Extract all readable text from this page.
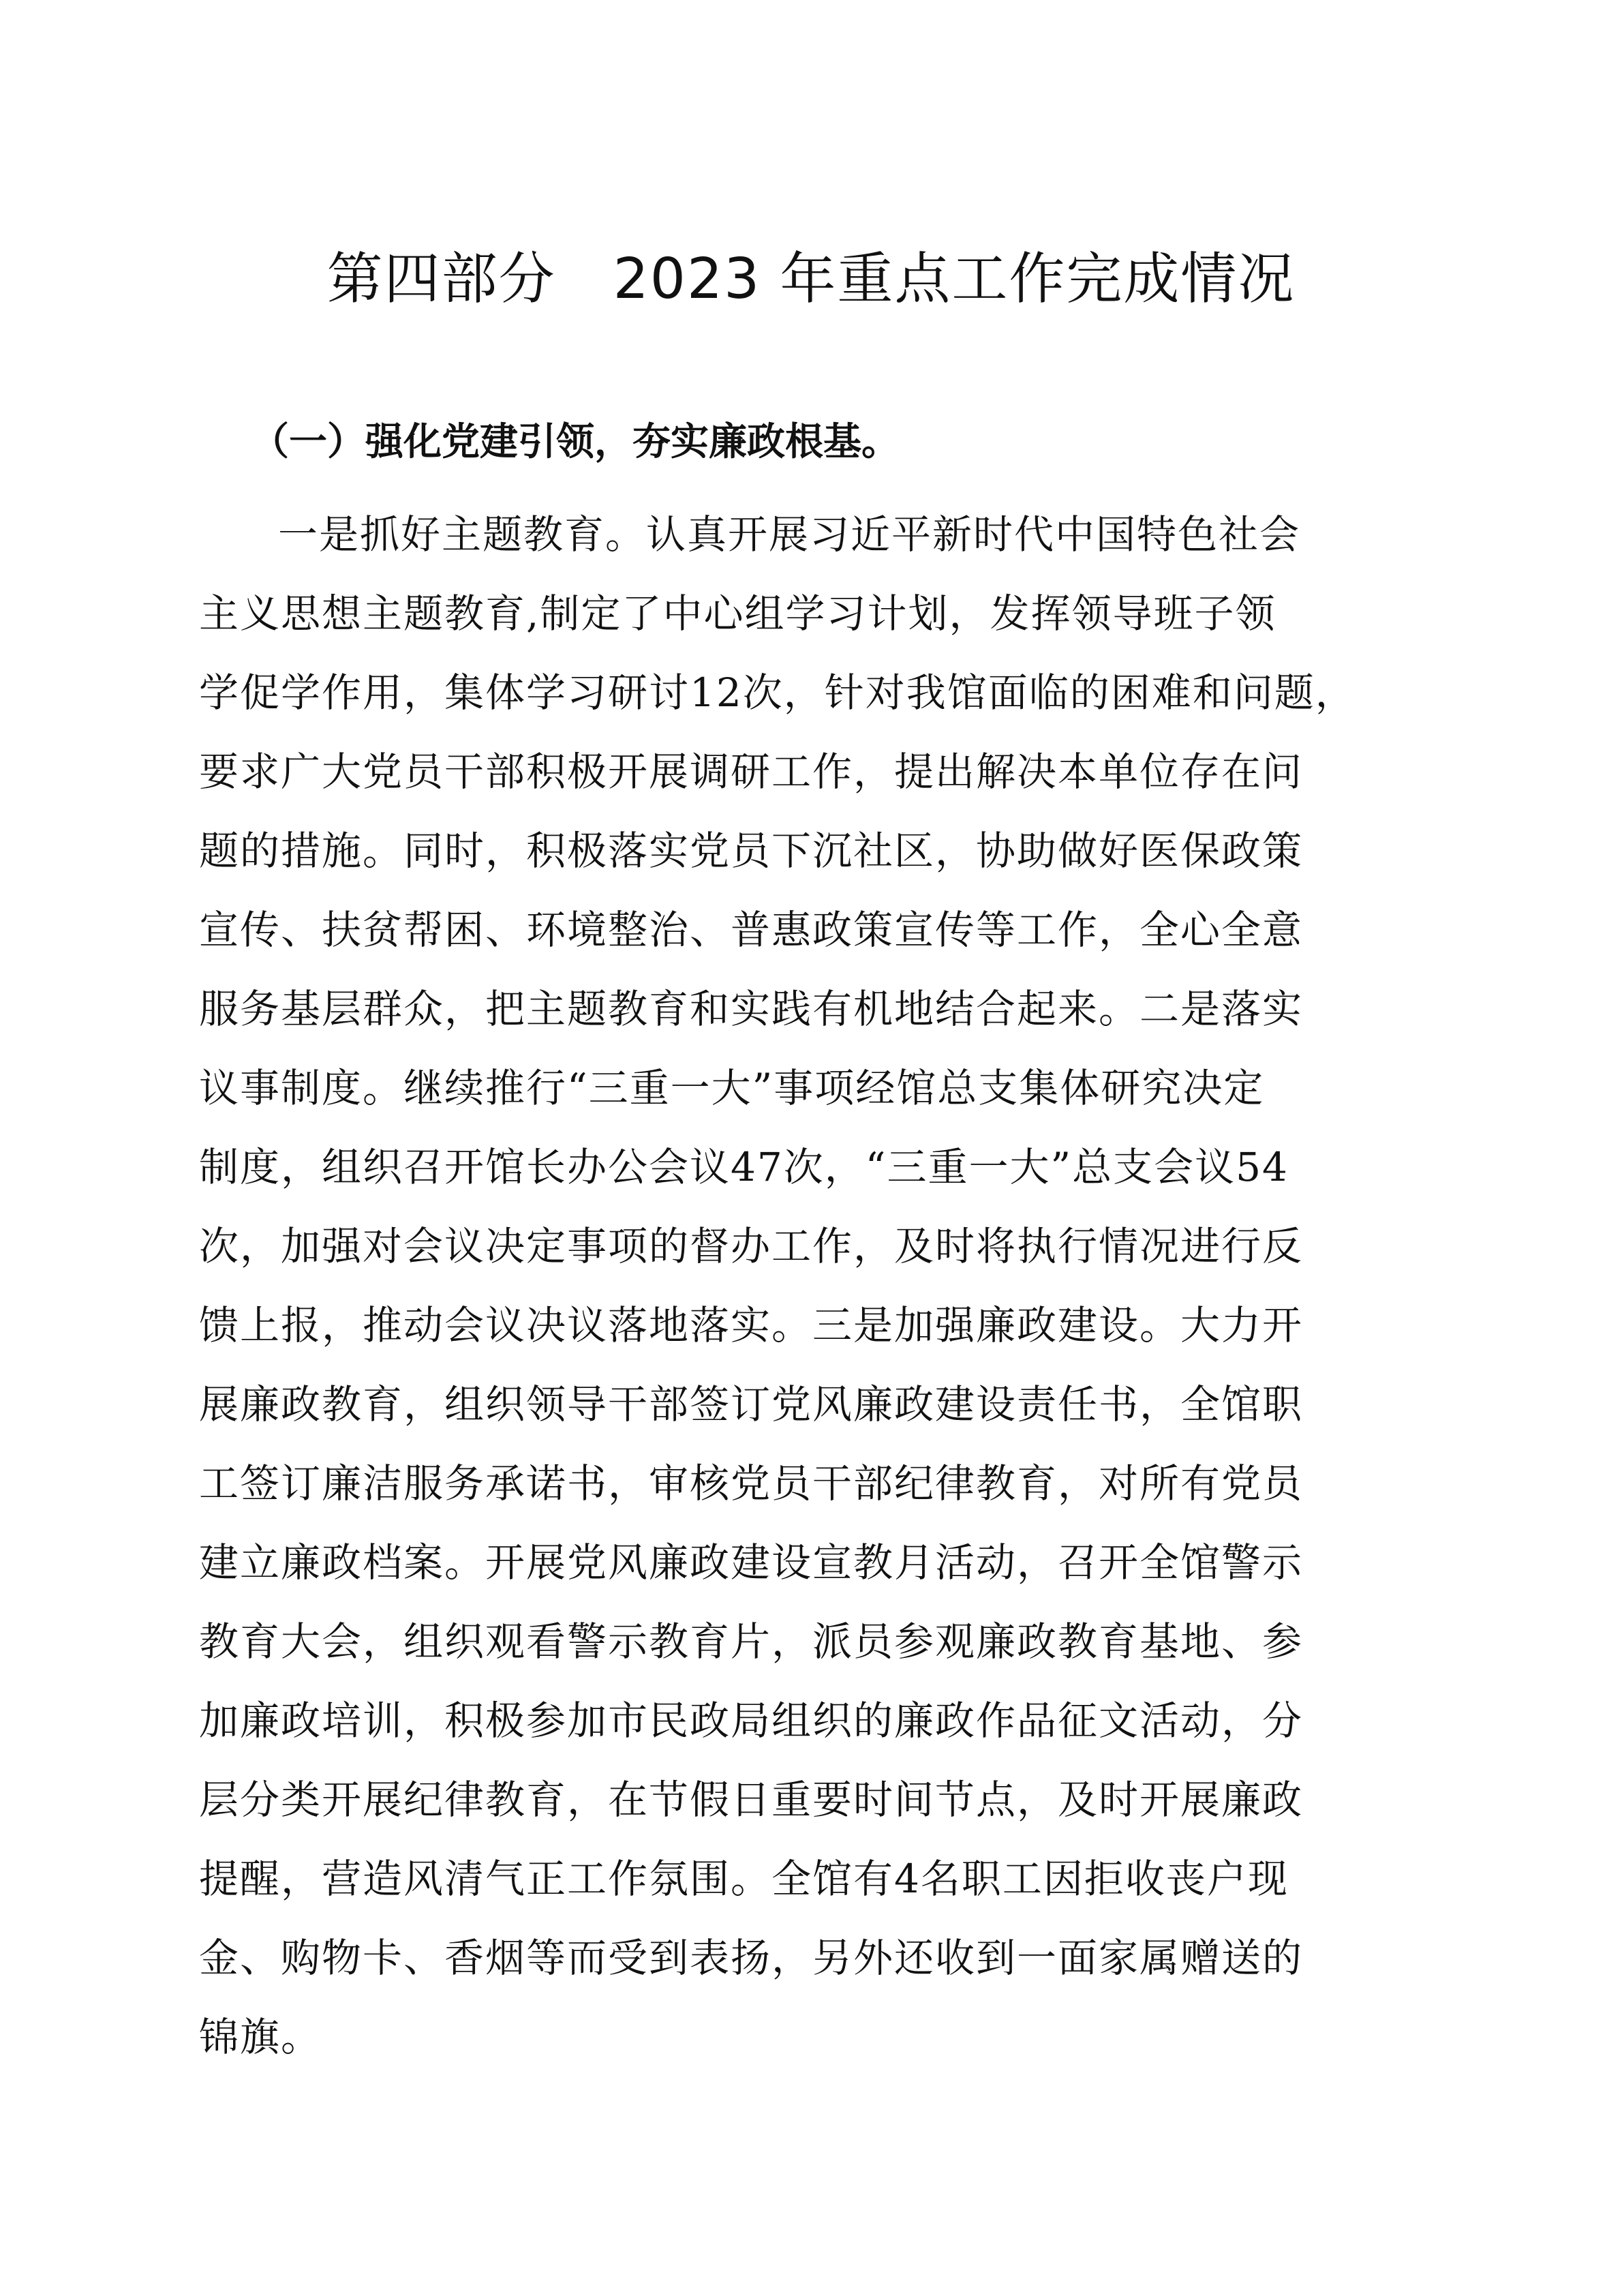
第四部分　2023 年重点工作完成情况
（一）强化党建引领，夯实廉政根基。
一是抓好主题教育。认真开展习近平新时代中国特色社会
主义思想主题教育,制定了中心组学习计划，发挥领导班子领
学促学作用，集体学习研讨12次，针对我馆面临的困难和问题，
要求广大党员干部积极开展调研工作，提出解决本单位存在问
题的措施。同时，积极落实党员下沉社区，协助做好医保政策
宣传、扶贫帮困、环境整治、普惠政策宣传等工作，全心全意
服务基层群众，把主题教育和实践有机地结合起来。二是落实
议事制度。继续推行“三重一大”事项经馆总支集体研究决定
制度，组织召开馆长办公会议47次，“三重一大”总支会议54
次，加强对会议决定事项的督办工作，及时将执行情况进行反
馈上报，推动会议决议落地落实。三是加强廉政建设。大力开
展廉政教育，组织领导干部签订党风廉政建设责任书，全馆职
工签订廉洁服务承诺书，审核党员干部纪律教育，对所有党员
建立廉政档案。开展党风廉政建设宣教月活动，召开全馆警示
教育大会，组织观看警示教育片，派员参观廉政教育基地、参
加廉政培训，积极参加市民政局组织的廉政作品征文活动，分
层分类开展纪律教育，在节假日重要时间节点，及时开展廉政
提醒，营造风清气正工作氛围。全馆有4名职工因拒收丧户现
金、购物卡、香烟等而受到表扬，另外还收到一面家属赠送的
锦旗。
